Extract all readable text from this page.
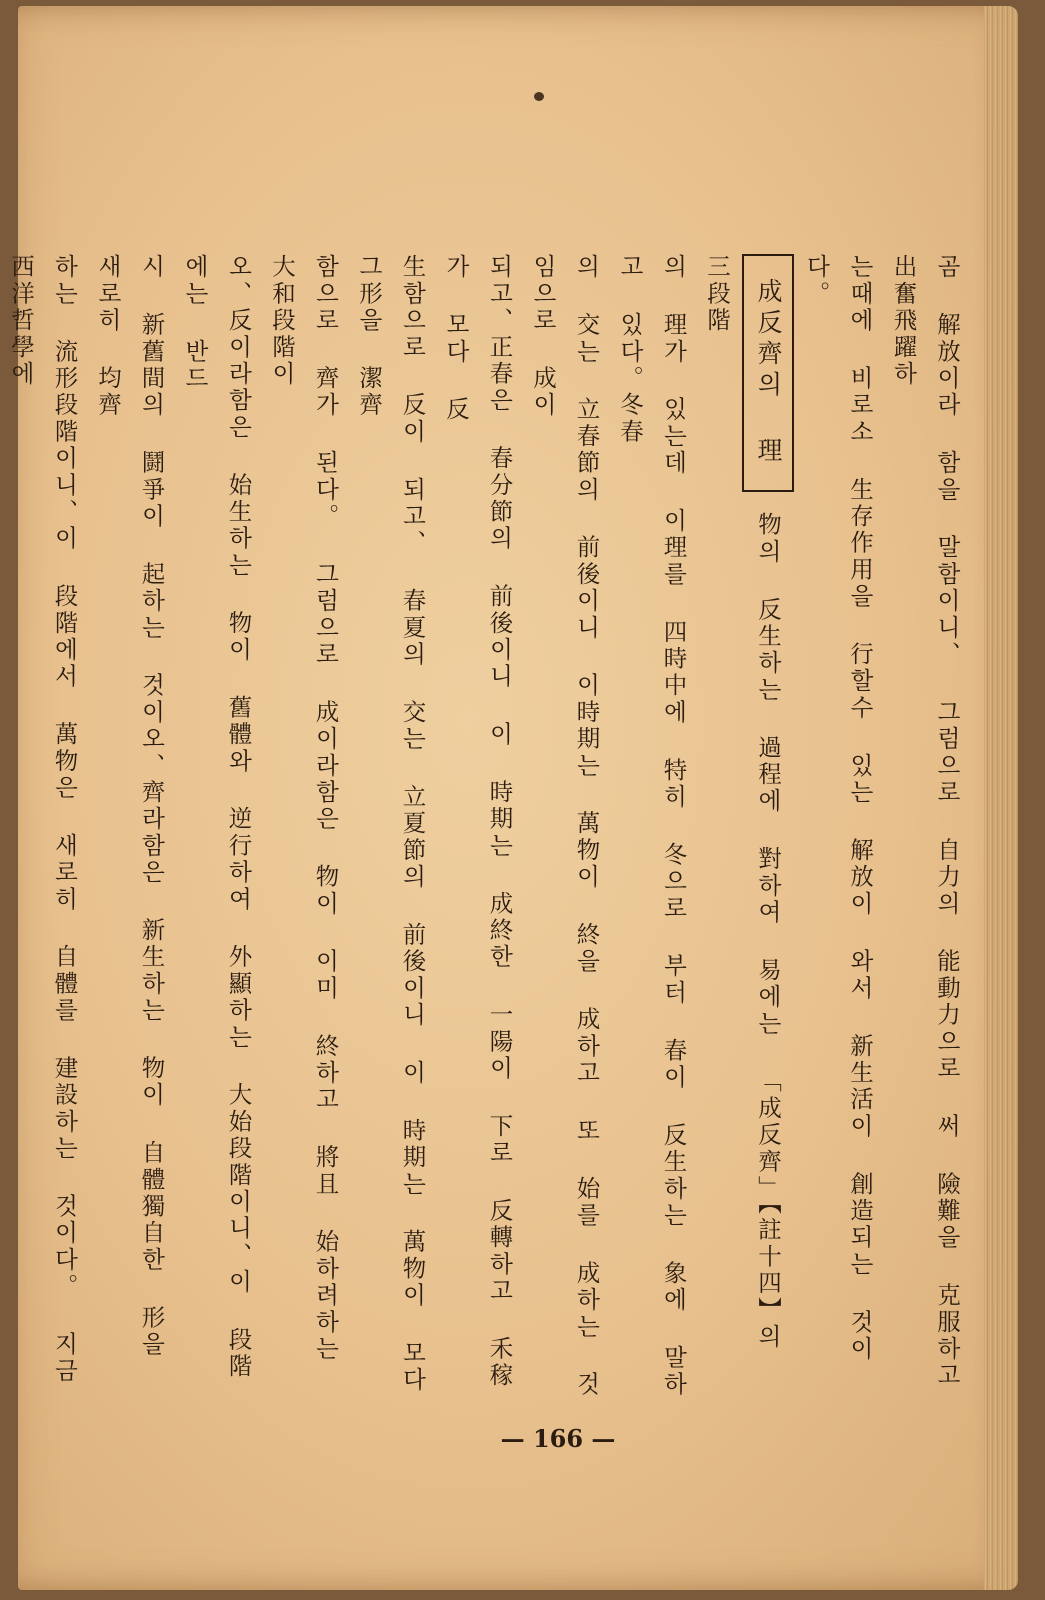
곰 解放이라 함을 말함이니、 그럼으로 自力의 能動力으로 써 險難을 克服하고 出奮飛躍하
는때에 비로소 生存作用을 行할수 있는 解放이 와서 新生活이 創造되는 것이다。
成反齊의 理物의 反生하는 過程에 對하여 易에는 「成反齊」【註十四】의 三段階
의 理가 있는데 이理를 四時中에 特히 冬으로 부터 春이 反生하는 象에 말하고 있다。冬春
의 交는 立春節의 前後이니 이時期는 萬物이 終을 成하고 또 始를 成하는 것임으로 成이
되고、正春은 春分節의 前後이니 이 時期는 成終한 一陽이 下로 反轉하고 禾稼가 모다 反
生함으로 反이 되고、 春夏의 交는 立夏節의 前後이니 이 時期는 萬物이 모다 그形을 潔齊
함으로 齊가 된다。 그럼으로 成이라함은 物이 이미 終하고 將且 始하려하는 大和段階이
오、反이라함은 始生하는 物이 舊體와 逆行하여 外顯하는 大始段階이니、이 段階에는 반드
시 新舊間의 鬪爭이 起하는 것이오、齊라함은 新生하는 物이 自體獨自한 形을 새로히 均齊
하는 流形段階이니、이 段階에서 萬物은 새로히 自體를 建設하는 것이다。 지금 西洋哲學에
— 166 —
